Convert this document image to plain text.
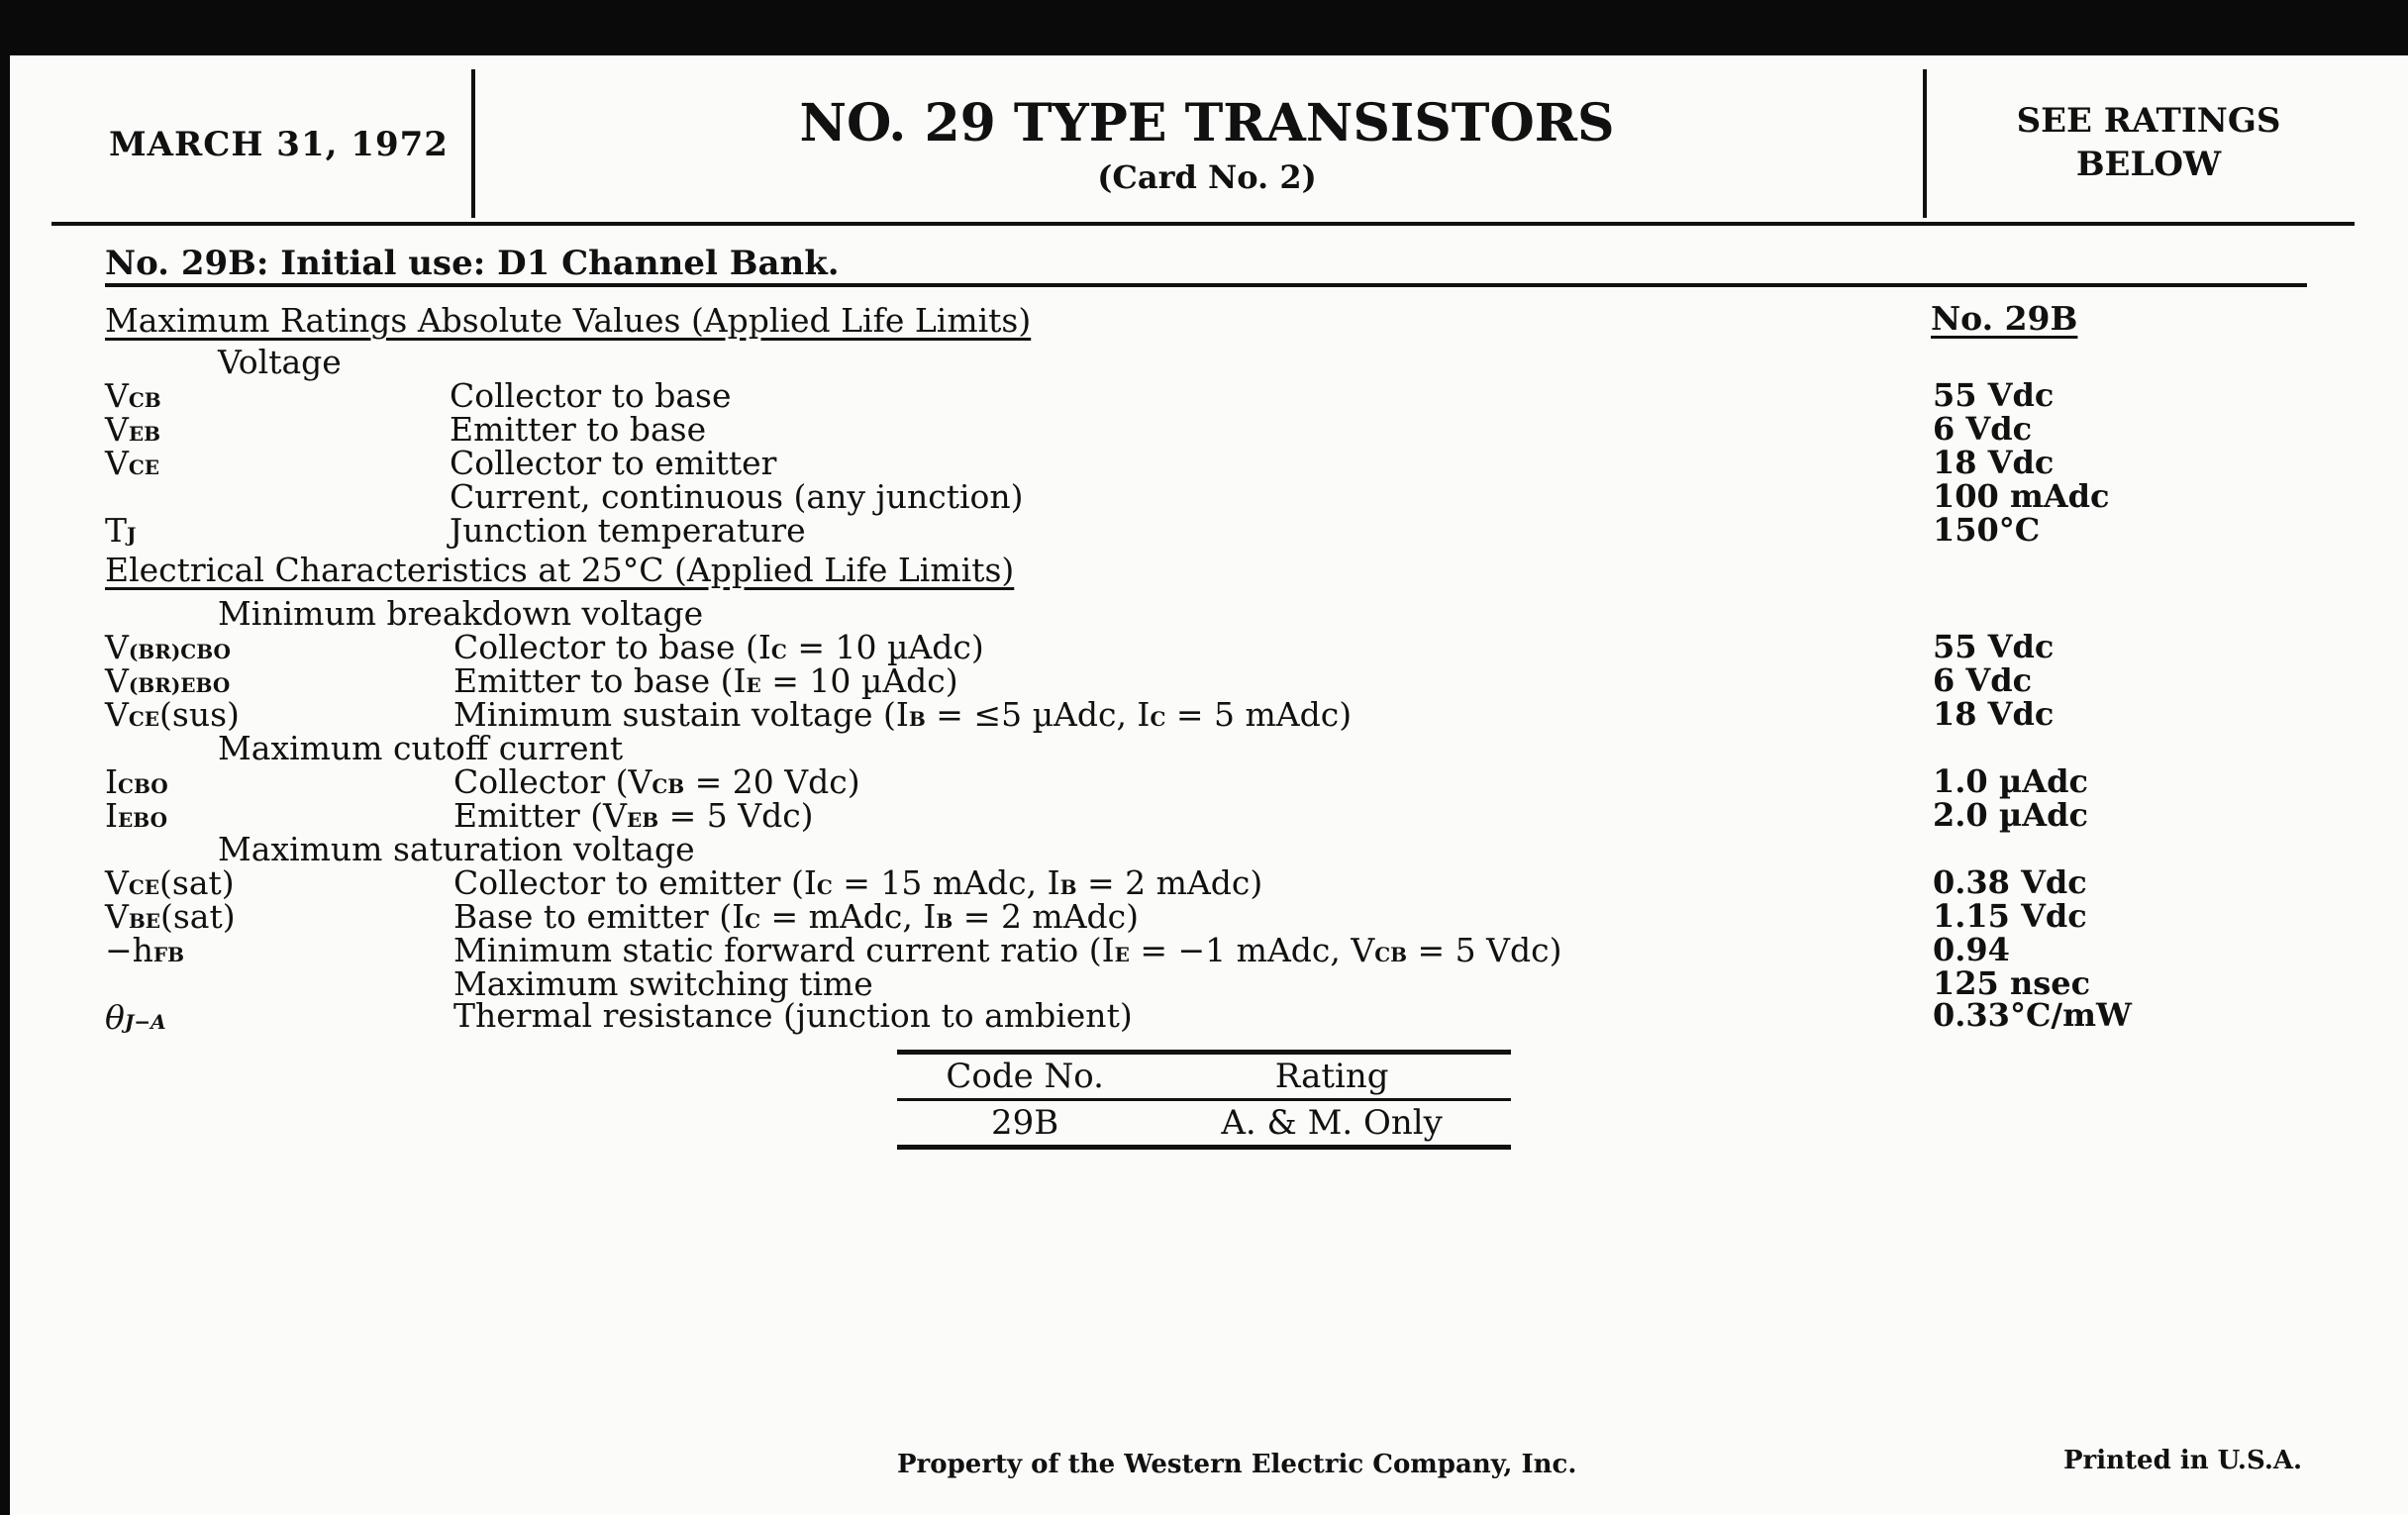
MARCH 31, 1972	NO. 29 TYPE TRANSISTORS
(Card No. 2)
SEE RATINGS
BELOW
No. 29B: Initial use: D1 Channel Bank.
Maximum Ratings Absolute Values (Applied Life Limits)	No. 29B
Voltage
VCB	Collector to base	55 Vdc
VEB	Emitter to base	6 Vdc
VCE	Collector to emitter	18 Vdc
Current, continuous (any junction)	100 mAdc
TJ	Junction temperature	150°C
Electrical Characteristics at 25°C (Applied Life Limits)
Minimum breakdown voltage
V(BR)CBO	Collector to base (IC = 10 µAdc)	55 Vdc
V(BR)EBO	Emitter to base (IE = 10 µAdc)	6 Vdc
VCE(sus)	Minimum sustain voltage (IB = ≤5 µAdc, IC = 5 mAdc)	18 Vdc
Maximum cutoff current
ICBO	Collector (VCB = 20 Vdc)	1.0 µAdc
IEBO	Emitter (VEB = 5 Vdc)	2.0 µAdc
Maximum saturation voltage
VCE(sat)	Collector to emitter (IC = 15 mAdc, IB = 2 mAdc)	0.38 Vdc
VBE(sat)	Base to emitter (IC = mAdc, IB = 2 mAdc)	1.15 Vdc
−hFB	Minimum static forward current ratio (IE = −1 mAdc, VCB = 5 Vdc)	0.94
Maximum switching time	125 nsec
θJ−A	Thermal resistance (junction to ambient)	0.33°C/mW
Code No.	Rating
29B	A. & M. Only
Property of the Western Electric Company, Inc.	Printed in U.S.A.
